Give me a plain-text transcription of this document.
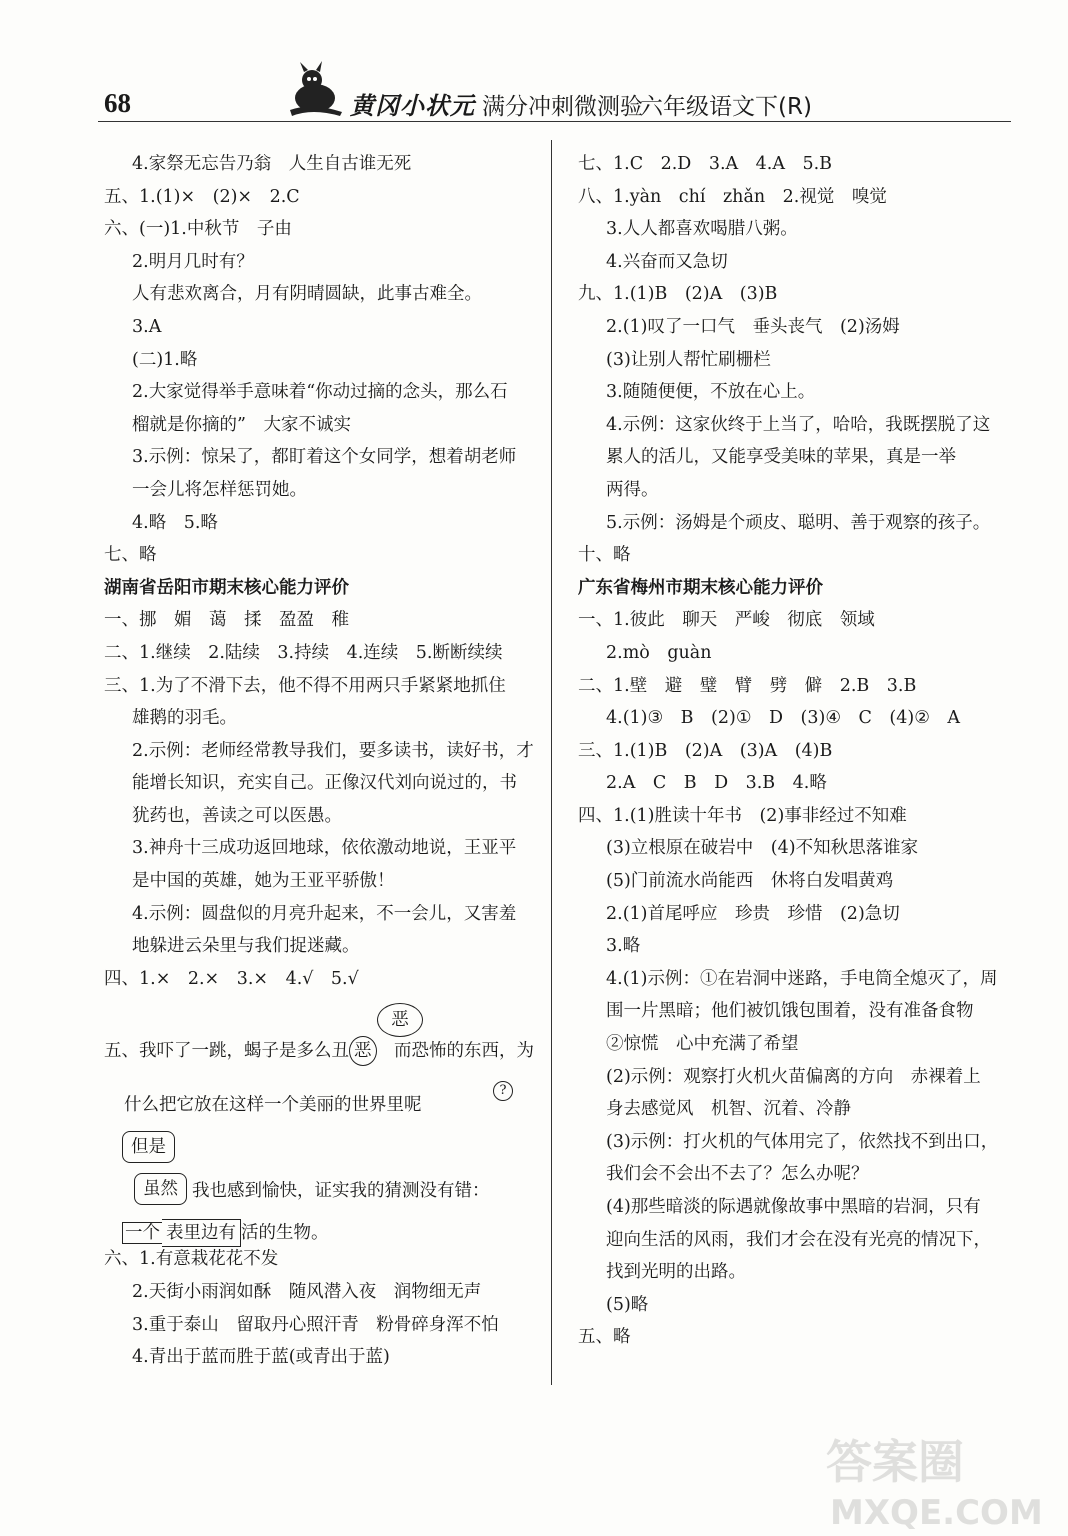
68	黄冈小状元 满分冲刺微测验
六年级语文下(R)
4.家祭无忘告乃翁　人生自古谁无死
五、1.(1)×　(2)×　2.C
六、(一)1.中秋节　子由
2.明月几时有？
人有悲欢离合，月有阴晴圆缺，此事古难全。
3.A
(二)1.略
2.大家觉得举手意味着“你动过摘的念头，那么石
榴就是你摘的”　大家不诚实
3.示例：惊呆了，都盯着这个女同学，想着胡老师
一会儿将怎样惩罚她。
4.略　5.略
七、略
湖南省岳阳市期末核心能力评价
一、挪　媚　蔼　揉　盈盈　稚
二、1.继续　2.陆续　3.持续　4.连续　5.断断续续
三、1.为了不滑下去，他不得不用两只手紧紧地抓住
雄鹅的羽毛。
2.示例：老师经常教导我们，要多读书，读好书，才
能增长知识，充实自己。正像汉代刘向说过的，书
犹药也，善读之可以医愚。
3.神舟十三成功返回地球，依依激动地说，王亚平
是中国的英雄，她为王亚平骄傲！
4.示例：圆盘似的月亮升起来，不一会儿，又害羞
地躲进云朵里与我们捉迷藏。
四、1.×　2.×　3.×　4.√　5.√
恶
五、我吓了一跳，蝎子是多么丑 恶　而恐怖的东西，为
什么把它放在这样一个美丽的世界里呢
?
但是
虽然 我也感到愉快，证实我的猜测没有错：
一个 表里边有 活的生物。
六、1.有意栽花花不发
2.天街小雨润如酥　随风潜入夜　润物细无声
3.重于泰山　留取丹心照汗青　粉骨碎身浑不怕
4.青出于蓝而胜于蓝(或青出于蓝)
七、1.C　2.D　3.A　4.A　5.B
八、1.yàn　chí　zhǎn　2.视觉　嗅觉
3.人人都喜欢喝腊八粥。
4.兴奋而又急切
九、1.(1)B　(2)A　(3)B
2.(1)叹了一口气　垂头丧气　(2)汤姆
(3)让别人帮忙刷栅栏
3.随随便便，不放在心上。
4.示例：这家伙终于上当了，哈哈，我既摆脱了这
累人的活儿，又能享受美味的苹果，真是一举
两得。
5.示例：汤姆是个顽皮、聪明、善于观察的孩子。
十、略
广东省梅州市期末核心能力评价
一、1.彼此　聊天　严峻　彻底　领域
2.mò　guàn
二、1.壁　避　璧　臂　劈　僻　2.B　3.B
4.(1)③　B　(2)①　D　(3)④　C　(4)②　A
三、1.(1)B　(2)A　(3)A　(4)B
2.A　C　B　D　3.B　4.略
四、1.(1)胜读十年书　(2)事非经过不知难
(3)立根原在破岩中　(4)不知秋思落谁家
(5)门前流水尚能西　休将白发唱黄鸡
2.(1)首尾呼应　珍贵　珍惜　(2)急切
3.略
4.(1)示例：①在岩洞中迷路，手电筒全熄灭了，周
围一片黑暗；他们被饥饿包围着，没有准备食物
②惊慌　心中充满了希望
(2)示例：观察打火机火苗偏离的方向　赤裸着上
身去感觉风　机智、沉着、冷静
(3)示例：打火机的气体用完了，依然找不到出口，
我们会不会出不去了？怎么办呢？
(4)那些暗淡的际遇就像故事中黑暗的岩洞，只有
迎向生活的风雨，我们才会在没有光亮的情况下，
找到光明的出路。
(5)略
五、略
答案圈
MXQE.COM
